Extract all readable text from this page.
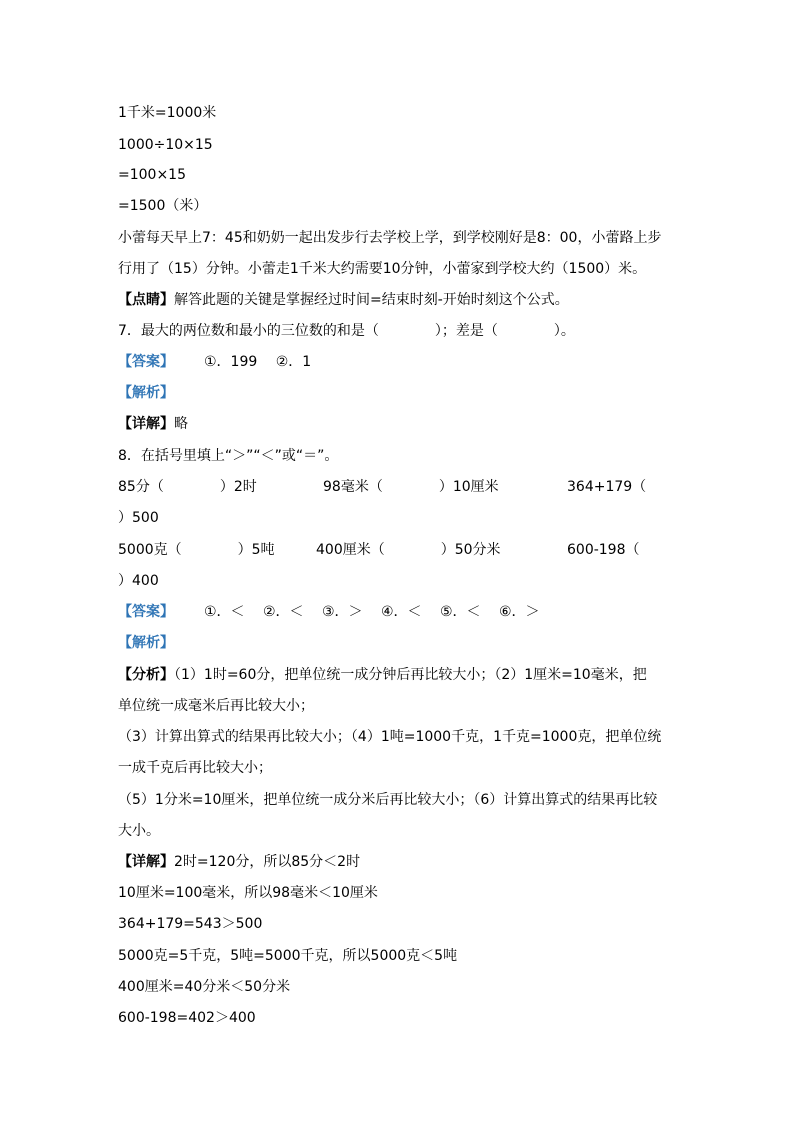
1千米=1000米
1000÷10×15
=100×15
=1500（米）
小蕾每天早上7：45和奶奶一起出发步行去学校上学，到学校刚好是8：00，小蕾路上步
行用了（15）分钟。小蕾走1千米大约需要10分钟，小蕾家到学校大约（1500）米。
【点睛】解答此题的关键是掌握经过时间=结束时刻-开始时刻这个公式。
7．最大的两位数和最小的三位数的和是（　　　　）；差是（　　　　）。
【答案】 ①．199　 ②．1
【解析】
【详解】略
8．在括号里填上“＞”“＜”或“＝”。
85分（　　　　）2时	98毫米（　　　　）10厘米	364+179（
）500
5000克（　　　　）5吨	400厘米（　　　　）50分米	600-198（
）400
【答案】 ①．＜　 ②．＜　 ③．＞　 ④．＜　 ⑤．＜　 ⑥．＞
【解析】
【分析】（1）1时=60分，把单位统一成分钟后再比较大小；（2）1厘米=10毫米，把
单位统一成毫米后再比较大小；
（3）计算出算式的结果再比较大小；（4）1吨=1000千克，1千克=1000克，把单位统
一成千克后再比较大小；
（5）1分米=10厘米，把单位统一成分米后再比较大小；（6）计算出算式的结果再比较
大小。
【详解】2时=120分，所以85分＜2时
10厘米=100毫米，所以98毫米＜10厘米
364+179=543＞500
5000克=5千克，5吨=5000千克，所以5000克＜5吨
400厘米=40分米＜50分米
600-198=402＞400
